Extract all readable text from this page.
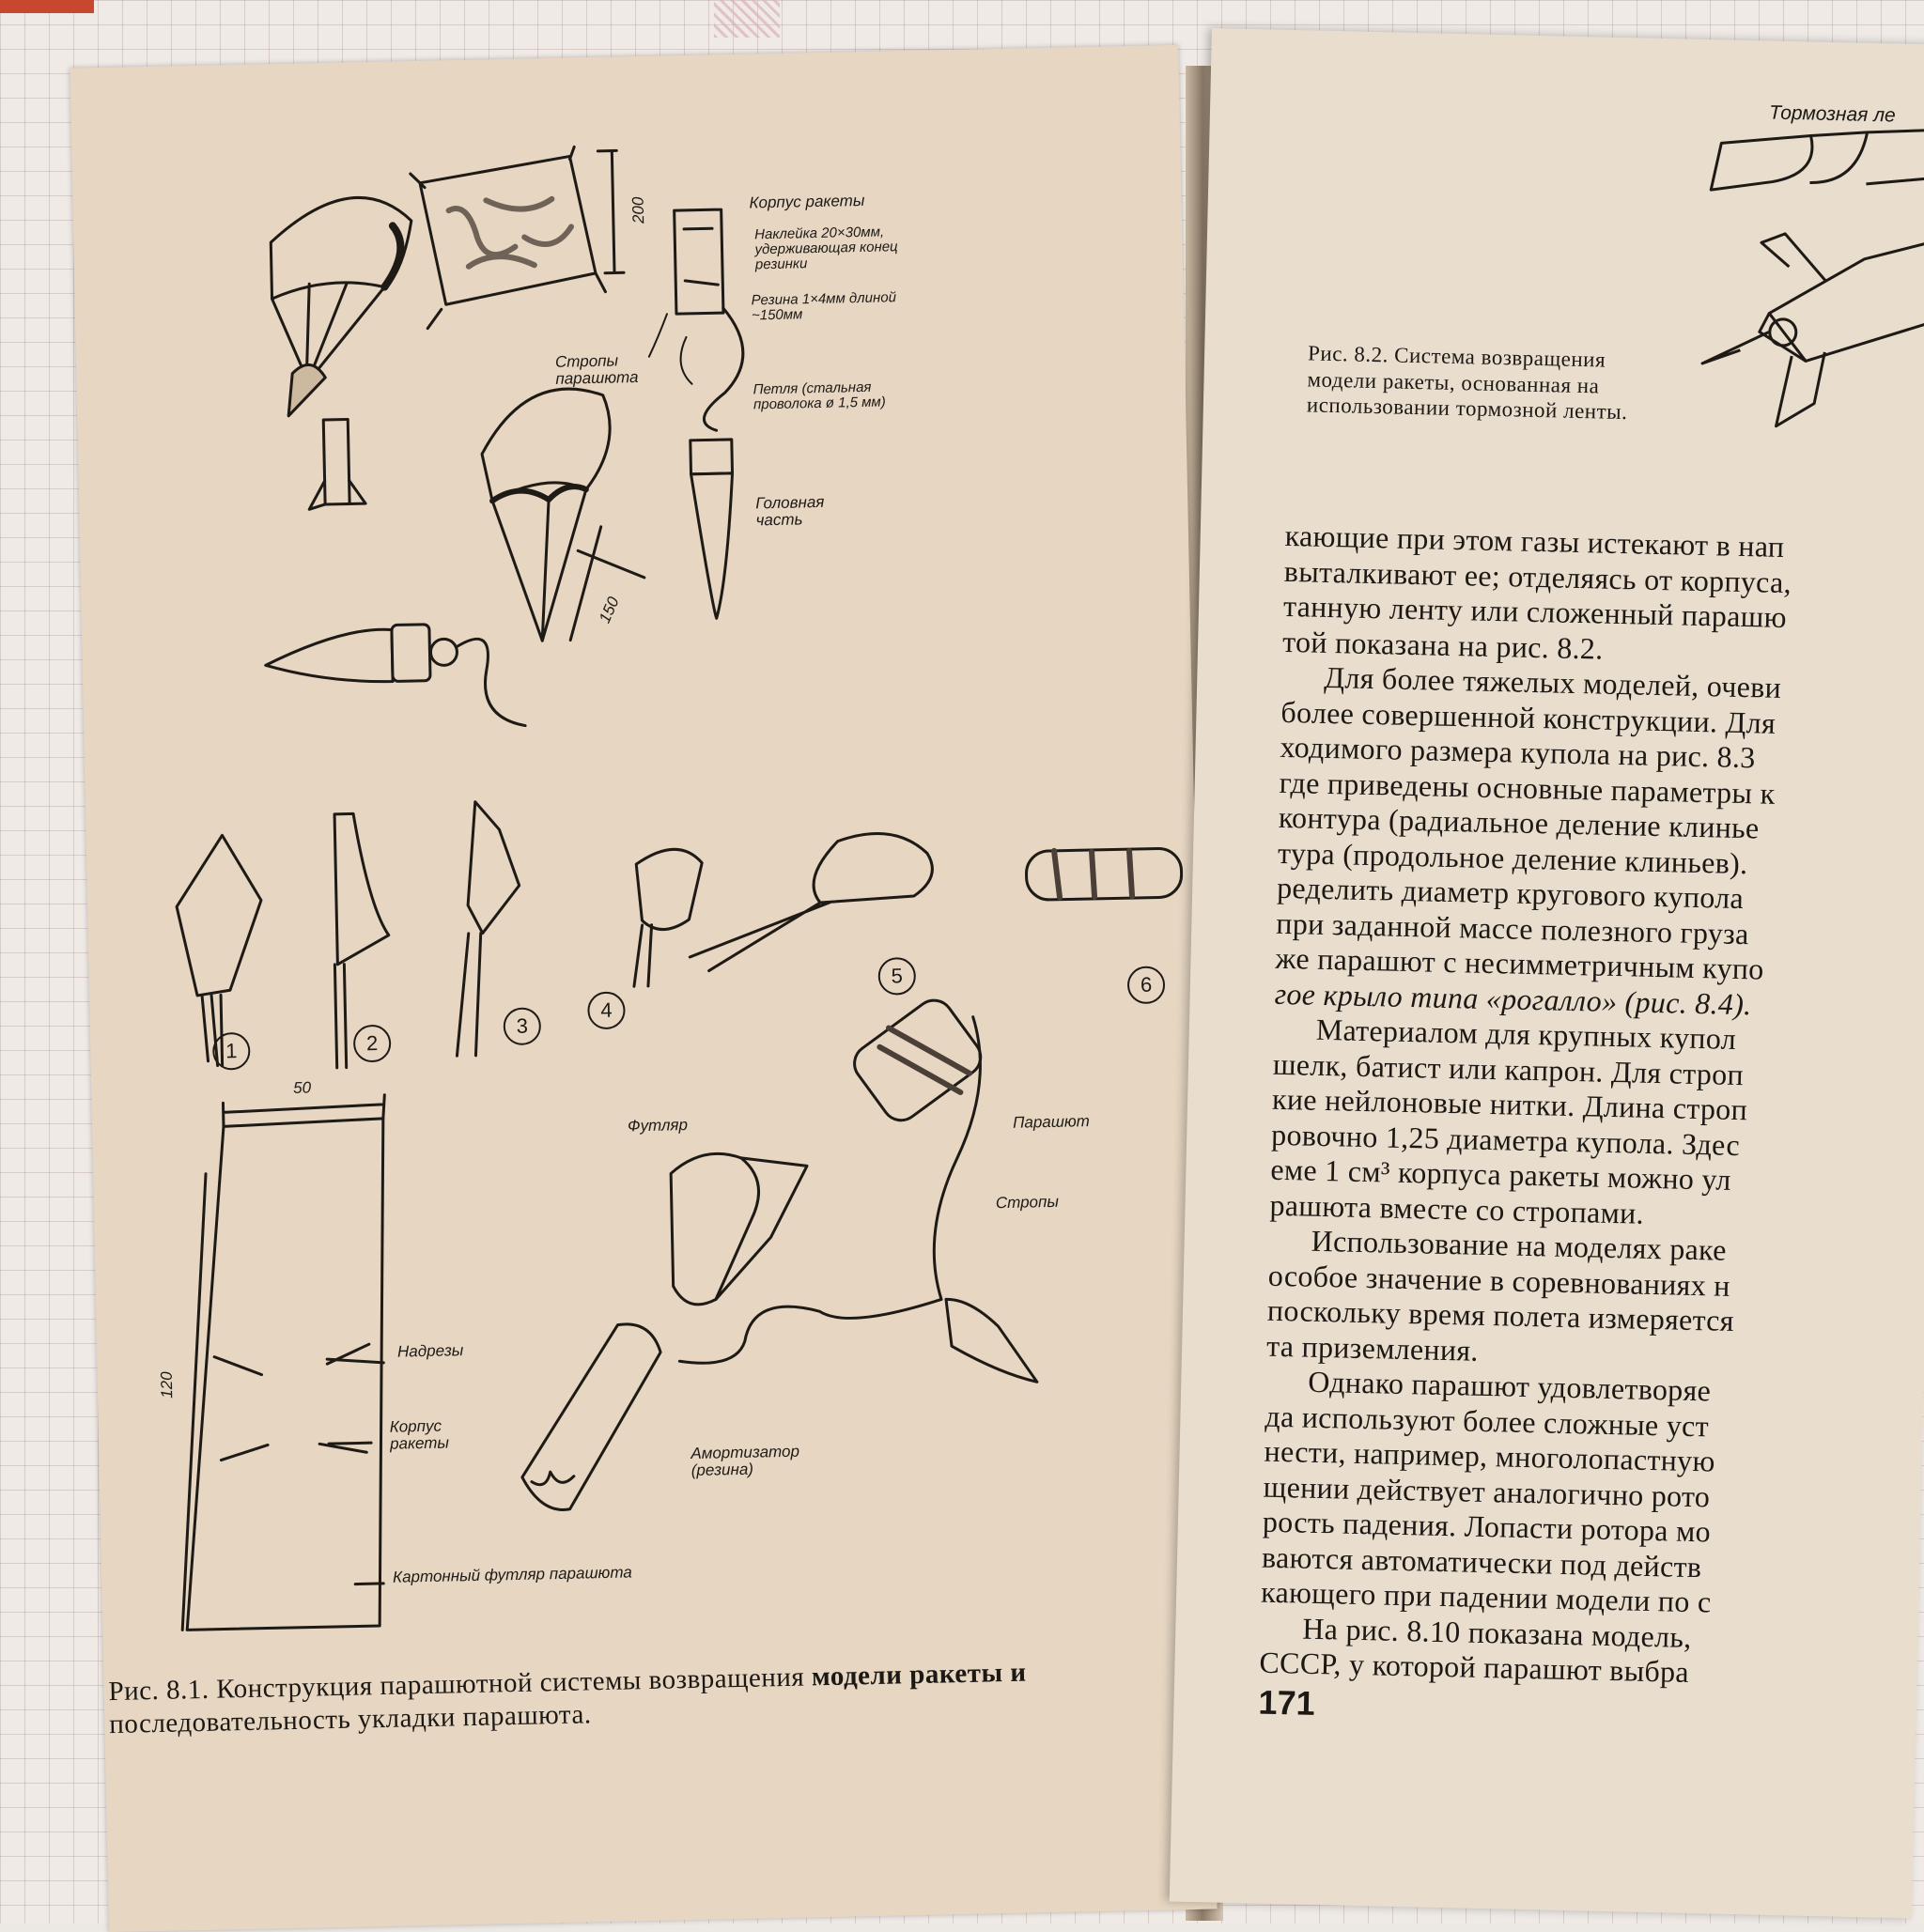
Корпус ракеты
Наклейка 20×30мм, удерживающая конец резинки
Резина 1×4мм длиной ~150мм
Стропы парашюта
Петля (стальная проволока ø 1,5 мм)
Головная часть
200
150
1	2
3
4
5	6
50
120
Надрезы
Корпус ракеты
Картонный футляр парашюта
Футляр	Парашют
Стропы
Амортизатор (резина)
Рис. 8.1. Конструкция парашютной системы возвращения модели ракеты и
последовательность укладки парашюта.
Тормозная ле
Рис. 8.2. Система возвращения модели ракеты, основанная на использовании тормозной ленты.

кающие при этом газы истекают в нап

выталкивают ее; отделяясь от корпуса,

танную ленту или сложенный парашю

той показана на рис. 8.2.

Для более тяжелых моделей, очеви

более совершенной конструкции. Для

ходимого размера купола на рис. 8.3

где приведены основные параметры к

контура (радиальное деление клинье

тура (продольное деление клиньев).

ределить диаметр кругового купола

при заданной массе полезного груза

же парашют с несимметричным купо

гое крыло типа «рогалло» (рис. 8.4).

Материалом для крупных купол

шелк, батист или капрон. Для строп

кие нейлоновые нитки. Длина строп

ровочно 1,25 диаметра купола. Здес

еме 1 см³ корпуса ракеты можно ул

рашюта вместе со стропами.

Использование на моделях раке

особое значение в соревнованиях н

поскольку время полета измеряется

та приземления.

Однако парашют удовлетворяе

да используют более сложные уст

нести, например, многолопастную

щении действует аналогично рото

рость падения. Лопасти ротора мо

ваются автоматически под действ

кающего при падении модели по с

На рис. 8.10 показана модель,

СССР, у которой парашют выбра

171
